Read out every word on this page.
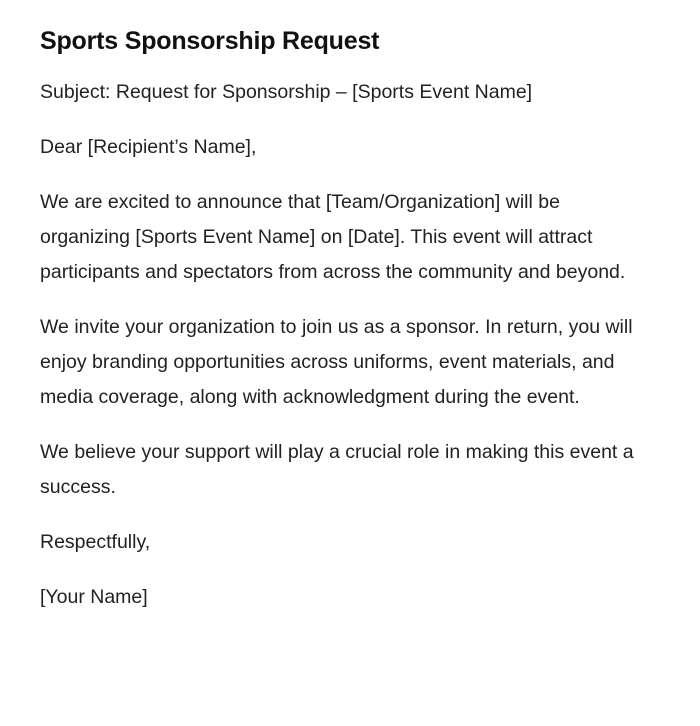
Sports Sponsorship Request

Subject: Request for Sponsorship – [Sports Event Name]

Dear [Recipient’s Name],

We are excited to announce that [Team/Organization] will be organizing [Sports Event Name] on [Date]. This event will attract participants and spectators from across the community and beyond.

We invite your organization to join us as a sponsor. In return, you will enjoy branding opportunities across uniforms, event materials, and media coverage, along with acknowledgment during the event.

We believe your support will play a crucial role in making this event a success.

Respectfully,

[Your Name]
